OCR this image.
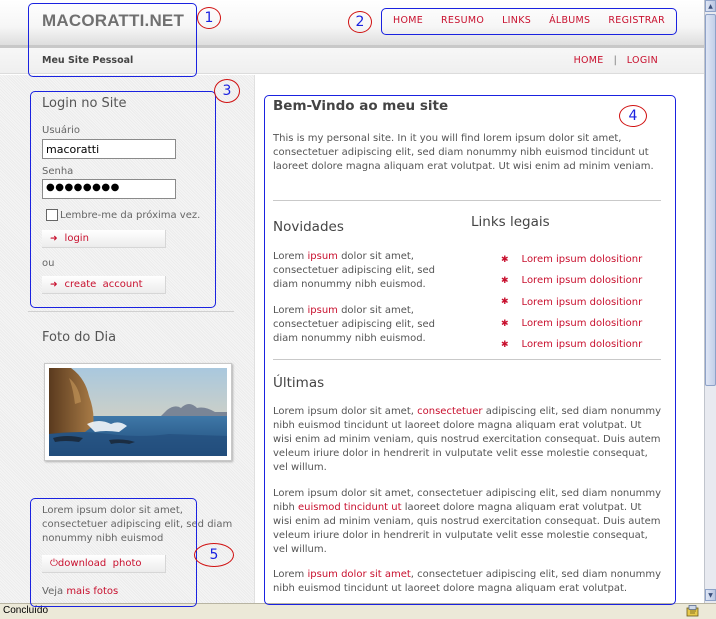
MACORATTI.NET	HOME	RESUMO	LINKS	ÁLBUMS	REGISTRAR
Meu Site Pessoal	HOME | LOGIN
Login no Site
Usuário
macoratti
Senha
●●●●●●●●
Lembre-me da próxima vez.
➜ login
ou
➜ create  account
Foto do Dia
Lorem ipsum dolor sit amet, consectetuer adipiscing elit, sed diam nonummy nibh euismod
⏻ download  photo
Veja mais fotos
Bem-Vindo ao meu site
This is my personal site. In it you will find lorem ipsum dolor sit amet, consectetuer adipiscing elit, sed diam nonummy nibh euismod tincidunt ut laoreet dolore magna aliquam erat volutpat. Ut wisi enim ad minim veniam.
Novidades
Lorem ipsum dolor sit amet, consectetuer adipiscing elit, sed diam nonummy nibh euismod.
Lorem ipsum dolor sit amet, consectetuer adipiscing elit, sed diam nonummy nibh euismod.
Links legais
✱ Lorem ipsum dolositionr
✱ Lorem ipsum dolositionr
✱ Lorem ipsum dolositionr
✱ Lorem ipsum dolositionr
✱ Lorem ipsum dolositionr
Últimas
Lorem ipsum dolor sit amet, consectetuer adipiscing elit, sed diam nonummy nibh euismod tincidunt ut laoreet dolore magna aliquam erat volutpat. Ut wisi enim ad minim veniam, quis nostrud exercitation consequat. Duis autem veleum iriure dolor in hendrerit in vulputate velit esse molestie consequat, vel willum.
Lorem ipsum dolor sit amet, consectetuer adipiscing elit, sed diam nonummy nibh euismod tincidunt ut laoreet dolore magna aliquam erat volutpat. Ut wisi enim ad minim veniam, quis nostrud exercitation consequat. Duis autem veleum iriure dolor in hendrerit in vulputate velit esse molestie consequat, vel willum.
Lorem ipsum dolor sit amet, consectetuer adipiscing elit, sed diam nonummy nibh euismod tincidunt ut laoreet dolore magna aliquam erat volutpat.
▲
▼
Concluído
1	2
3
4
5
